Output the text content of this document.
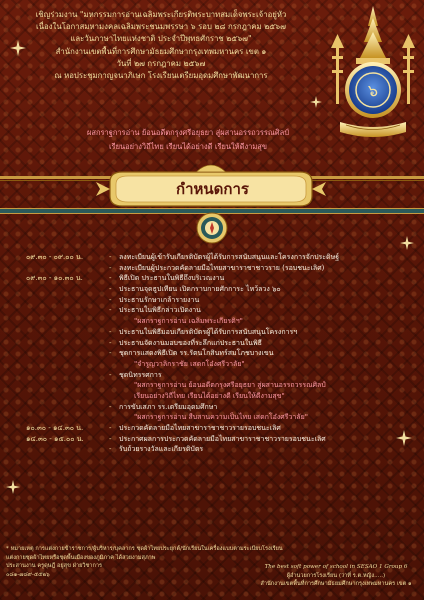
เชิญร่วมงาน "มหกรรมการอ่านเฉลิมพระเกียรติพระบาทสมเด็จพระเจ้าอยู่หัว
เนื่องในโอกาสมหามงคลเฉลิมพระชนมพรรษา ๖ รอบ ๒๘ กรกฎาคม ๒๕๖๗
และวันภาษาไทยแห่งชาติ ประจำปีพุทธศักราช ๒๕๖๗"
สำนักงานเขตพื้นที่การศึกษามัธยมศึกษากรุงเทพมหานคร เขต ๑
วันที่ ๒๗ กรกฎาคม ๒๕๖๗
ณ หอประชุมกาญจนาภิเษก โรงเรียนเตรียมอุดมศึกษาพัฒนาการ
ผสกราฐการอ่าน ย้อนอดีตกรุงศรีอยุธยา สู่ผสานอรรถวรรณศิลป์
เรียนอย่างวิถีไทย เรียนได้อย่างดี เรียนให้ดีงามสุข
๖
กำหนดการ
๐๙.๓๐ - ๐๙.๐๐ น.	- ลงทะเบียนผู้เข้ารับเกียรติบัตรผู้ได้รับการสนับสนุนและโครงการจักประดิษฐ์
- ลงทะเบียนผู้ประกวดคัดลายมือไทยสาขาราชาชาวราย (รอบชนะเลิศ)
๐๙.๓๐ - ๑๐.๓๐ น.	- พิธีเปิด ประธานในพิธีถึงบริเวณงาน
- ประธานจุดธูปเทียน เปิดกราบกายศักการะ ไหว้ลวง ๖๐
- ประธานรักษาเกล้ารายงาน
- ประธานในพิธีกล่าวเปิดงาน
"ผสกราฐการอ่าน เฉลิมพระเกียรติฯ"
- ประธานในพิธีมอบเกียรติบัตรผู้ได้รับการสนับสนุนโครงการฯ
- ประธานจัดงานมอบของที่ระลึกแก่ประธานในพิธี
- ชุดการแสดงพิธีเปิด รร.รัตนโกสินทร์สมโภชบางเขน
"จำรูญวาลิกราชัย เสดกโอ๋งศรีวาลัย"
- ชุดนิทรรศการ
"ผสกราฐการอ่าน ย้อนอดีตกรุงศรีอยุธยา สู่ผสานอรรถวรรณศิลป์
เรียนอย่างวิถีไทย เรียนได้อย่างดี เรียนให้ดีงามสุข"
- การขับเสภา รร.เตรียมอุดมศึกษา
"ผสกราฐการอ่าน สืบสานความเป็นไทย เสดกโอ๋งศรีวาลัย"
๑๐.๓๐ - ๑๔.๓๐ น.	- ประกวดคัดลายมือไทยสาขาราชาชาวรายรอบชนะเลิศ
๑๔.๓๐ - ๑๕.๐๐ น.	- ประกาศผลการประกวดคัดลายมือไทยสาขาราชาชาวรายรอบชนะเลิศ
- รับถ้วยรางวัลและเกียรติบัตร
* หมายเหตุ การแต่งกายข้าราชการ/ผู้บริหาร/บุคลากร ชุดผ้าไทยประยุกต์/นักเรียนในเครื่องแบบตามระเบียบโรงเรียน
แต่งกายชุดผ้าไทยหรือชุดพื้นเมืองของภูมิภาค ได้สวยงามสุภาพ
ประสานงาน ครูดุษฎี อยู่สุข ฝ่ายวิชาการ
๐๘๑-๗๘๙-๕๕๒๖
The best soft power of school in SESAO 1 Group 6
ผู้อำนวยการโรงเรียน (ว่าที่ ร.ต.หญิง.....)
สำนักงานเขตพื้นที่การศึกษามัธยมศึกษากรุงเทพมหานคร เขต ๑
